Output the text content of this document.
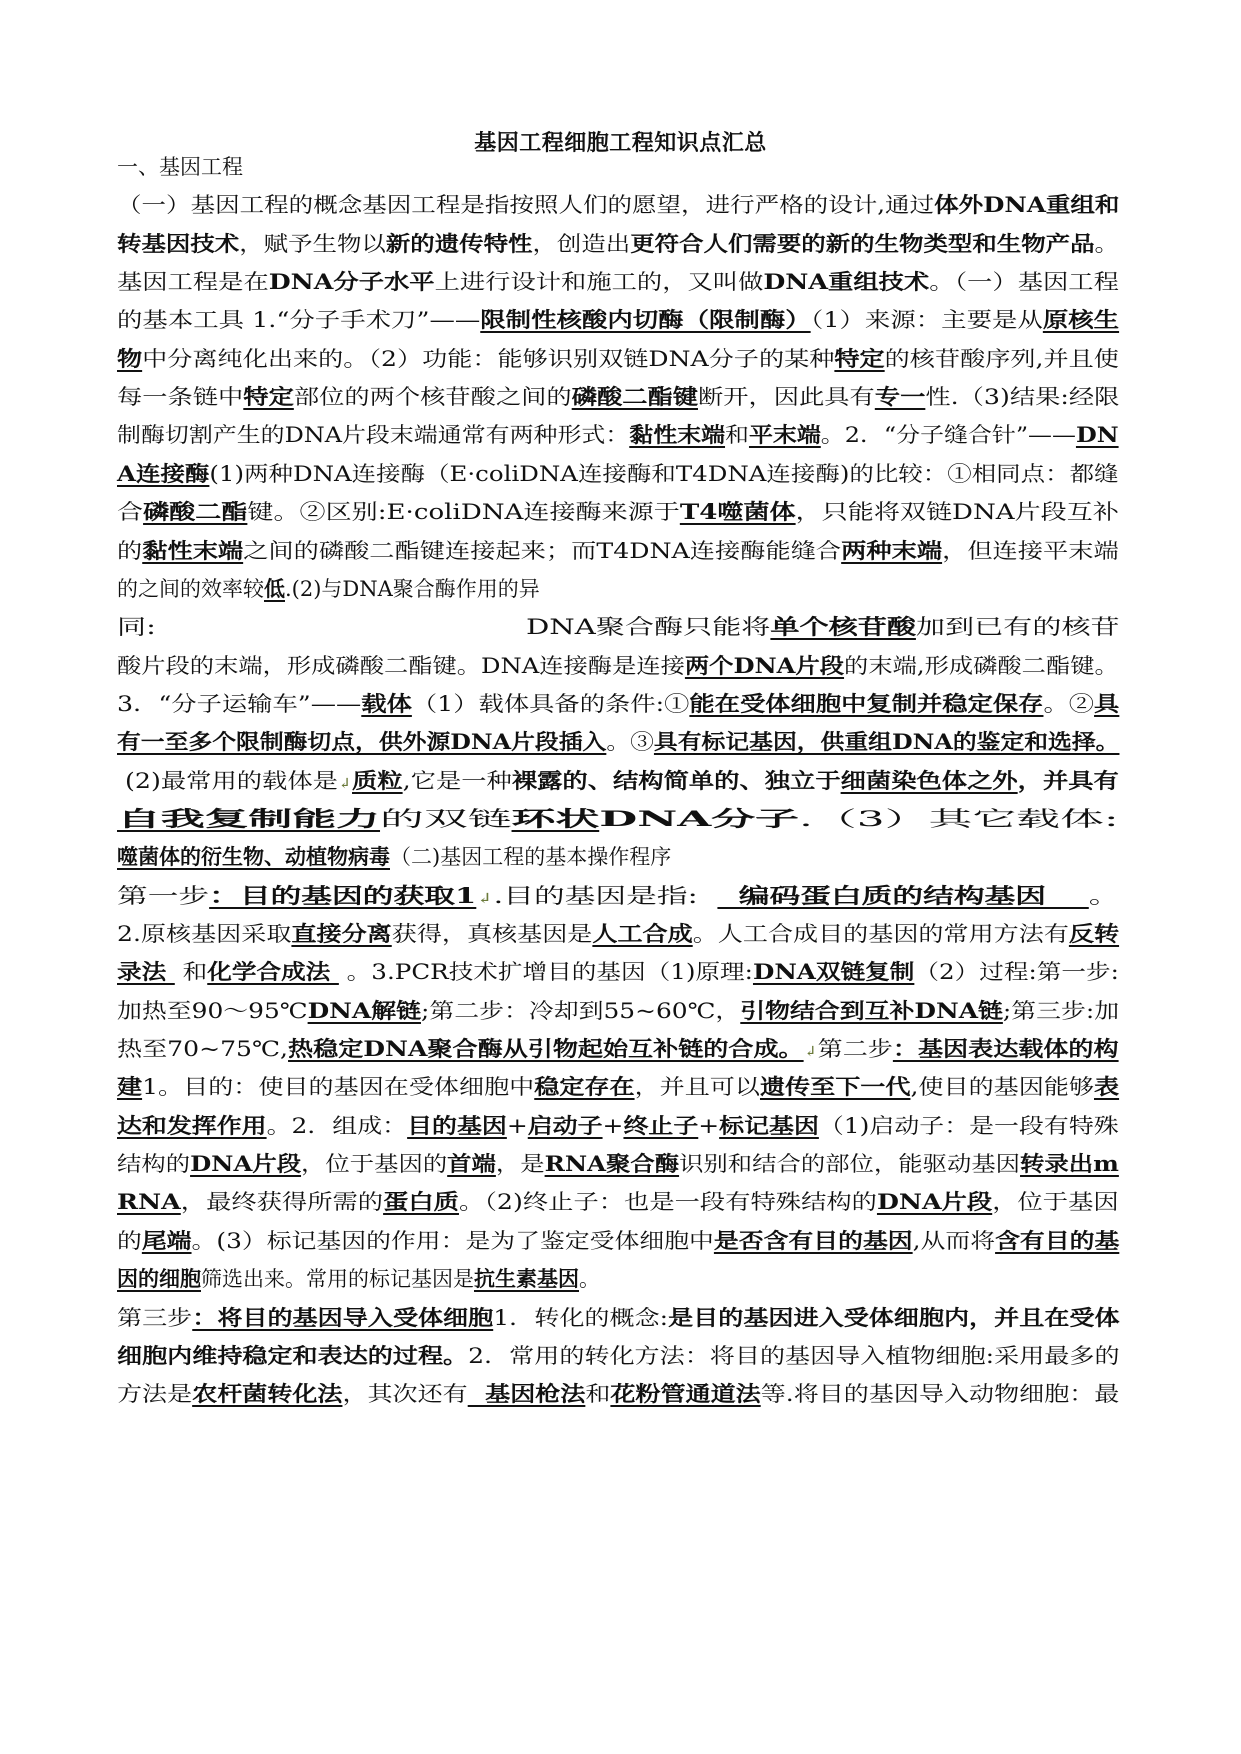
基因工程细胞工程知识点汇总
一、基因工程
（一）基因工程的概念基因工程是指按照人们的愿望，进行严格的设计,通过体外DNA重组和
转基因技术，赋予生物以新的遗传特性，创造出更符合人们需要的新的生物类型和生物产品。
基因工程是在DNA分子水平上进行设计和施工的，又叫做DNA重组技术。（一）基因工程
的基本工具 1.“分子手术刀”——限制性核酸内切酶（限制酶）（1）来源：主要是从原核生
物中分离纯化出来的。（2）功能：能够识别双链DNA分子的某种特定的核苷酸序列,并且使
每一条链中特定部位的两个核苷酸之间的磷酸二酯键断开，因此具有专一性.（3)结果:经限
制酶切割产生的DNA片段末端通常有两种形式：黏性末端和平末端。2．“分子缝合针”——DN
A连接酶(1)两种DNA连接酶（E·coliDNA连接酶和T4DNA连接酶)的比较：①相同点：都缝
合磷酸二酯键。②区别:E·coliDNA连接酶来源于T4噬菌体，只能将双链DNA片段互补
的黏性末端之间的磷酸二酯键连接起来；而T4DNA连接酶能缝合两种末端，但连接平末端
的之间的效率较低.(2)与DNA聚合酶作用的异
同:                                        DNA聚合酶只能将单个核苷酸加到已有的核苷
酸片段的末端，形成磷酸二酯键。DNA连接酶是连接两个DNA片段的末端,形成磷酸二酯键。
3．“分子运输车”——载体（1）载体具备的条件:①能在受体细胞中复制并稳定保存。②具
有一至多个限制酶切点，供外源DNA片段插入。③具有标记基因，供重组DNA的鉴定和选择。
(2)最常用的载体是↲质粒,它是一种裸露的、结构简单的、独立于细菌染色体之外，并具有
自我复制能力的双链环状DNA分子.（3）其它载体:
噬菌体的衍生物、动植物病毒（二)基因工程的基本操作程序
第一步：目的基因的获取1↲.目的基因是指:    编码蛋白质的结构基因    。
2.原核基因采取直接分离获得，真核基因是人工合成。人工合成目的基因的常用方法有反转
录法  和化学合成法  。3.PCR技术扩增目的基因（1)原理:DNA双链复制（2）过程:第一步:
加热至90～95℃DNA解链;第二步：冷却到55~60℃，引物结合到互补DNA链;第三步:加
热至70~75℃,热稳定DNA聚合酶从引物起始互补链的合成。↲第二步：基因表达载体的构
建1。目的：使目的基因在受体细胞中稳定存在，并且可以遗传至下一代,使目的基因能够表
达和发挥作用。2．组成：目的基因+启动子+终止子+标记基因（1)启动子：是一段有特殊
结构的DNA片段，位于基因的首端，是RNA聚合酶识别和结合的部位，能驱动基因转录出m
RNA，最终获得所需的蛋白质。（2)终止子：也是一段有特殊结构的DNA片段，位于基因
的尾端。(3）标记基因的作用：是为了鉴定受体细胞中是否含有目的基因,从而将含有目的基
因的细胞筛选出来。常用的标记基因是抗生素基因。
第三步：将目的基因导入受体细胞1．转化的概念:是目的基因进入受体细胞内，并且在受体
细胞内维持稳定和表达的过程。2．常用的转化方法：将目的基因导入植物细胞:采用最多的
方法是农杆菌转化法，其次还有  基因枪法和花粉管通道法等.将目的基因导入动物细胞：最
